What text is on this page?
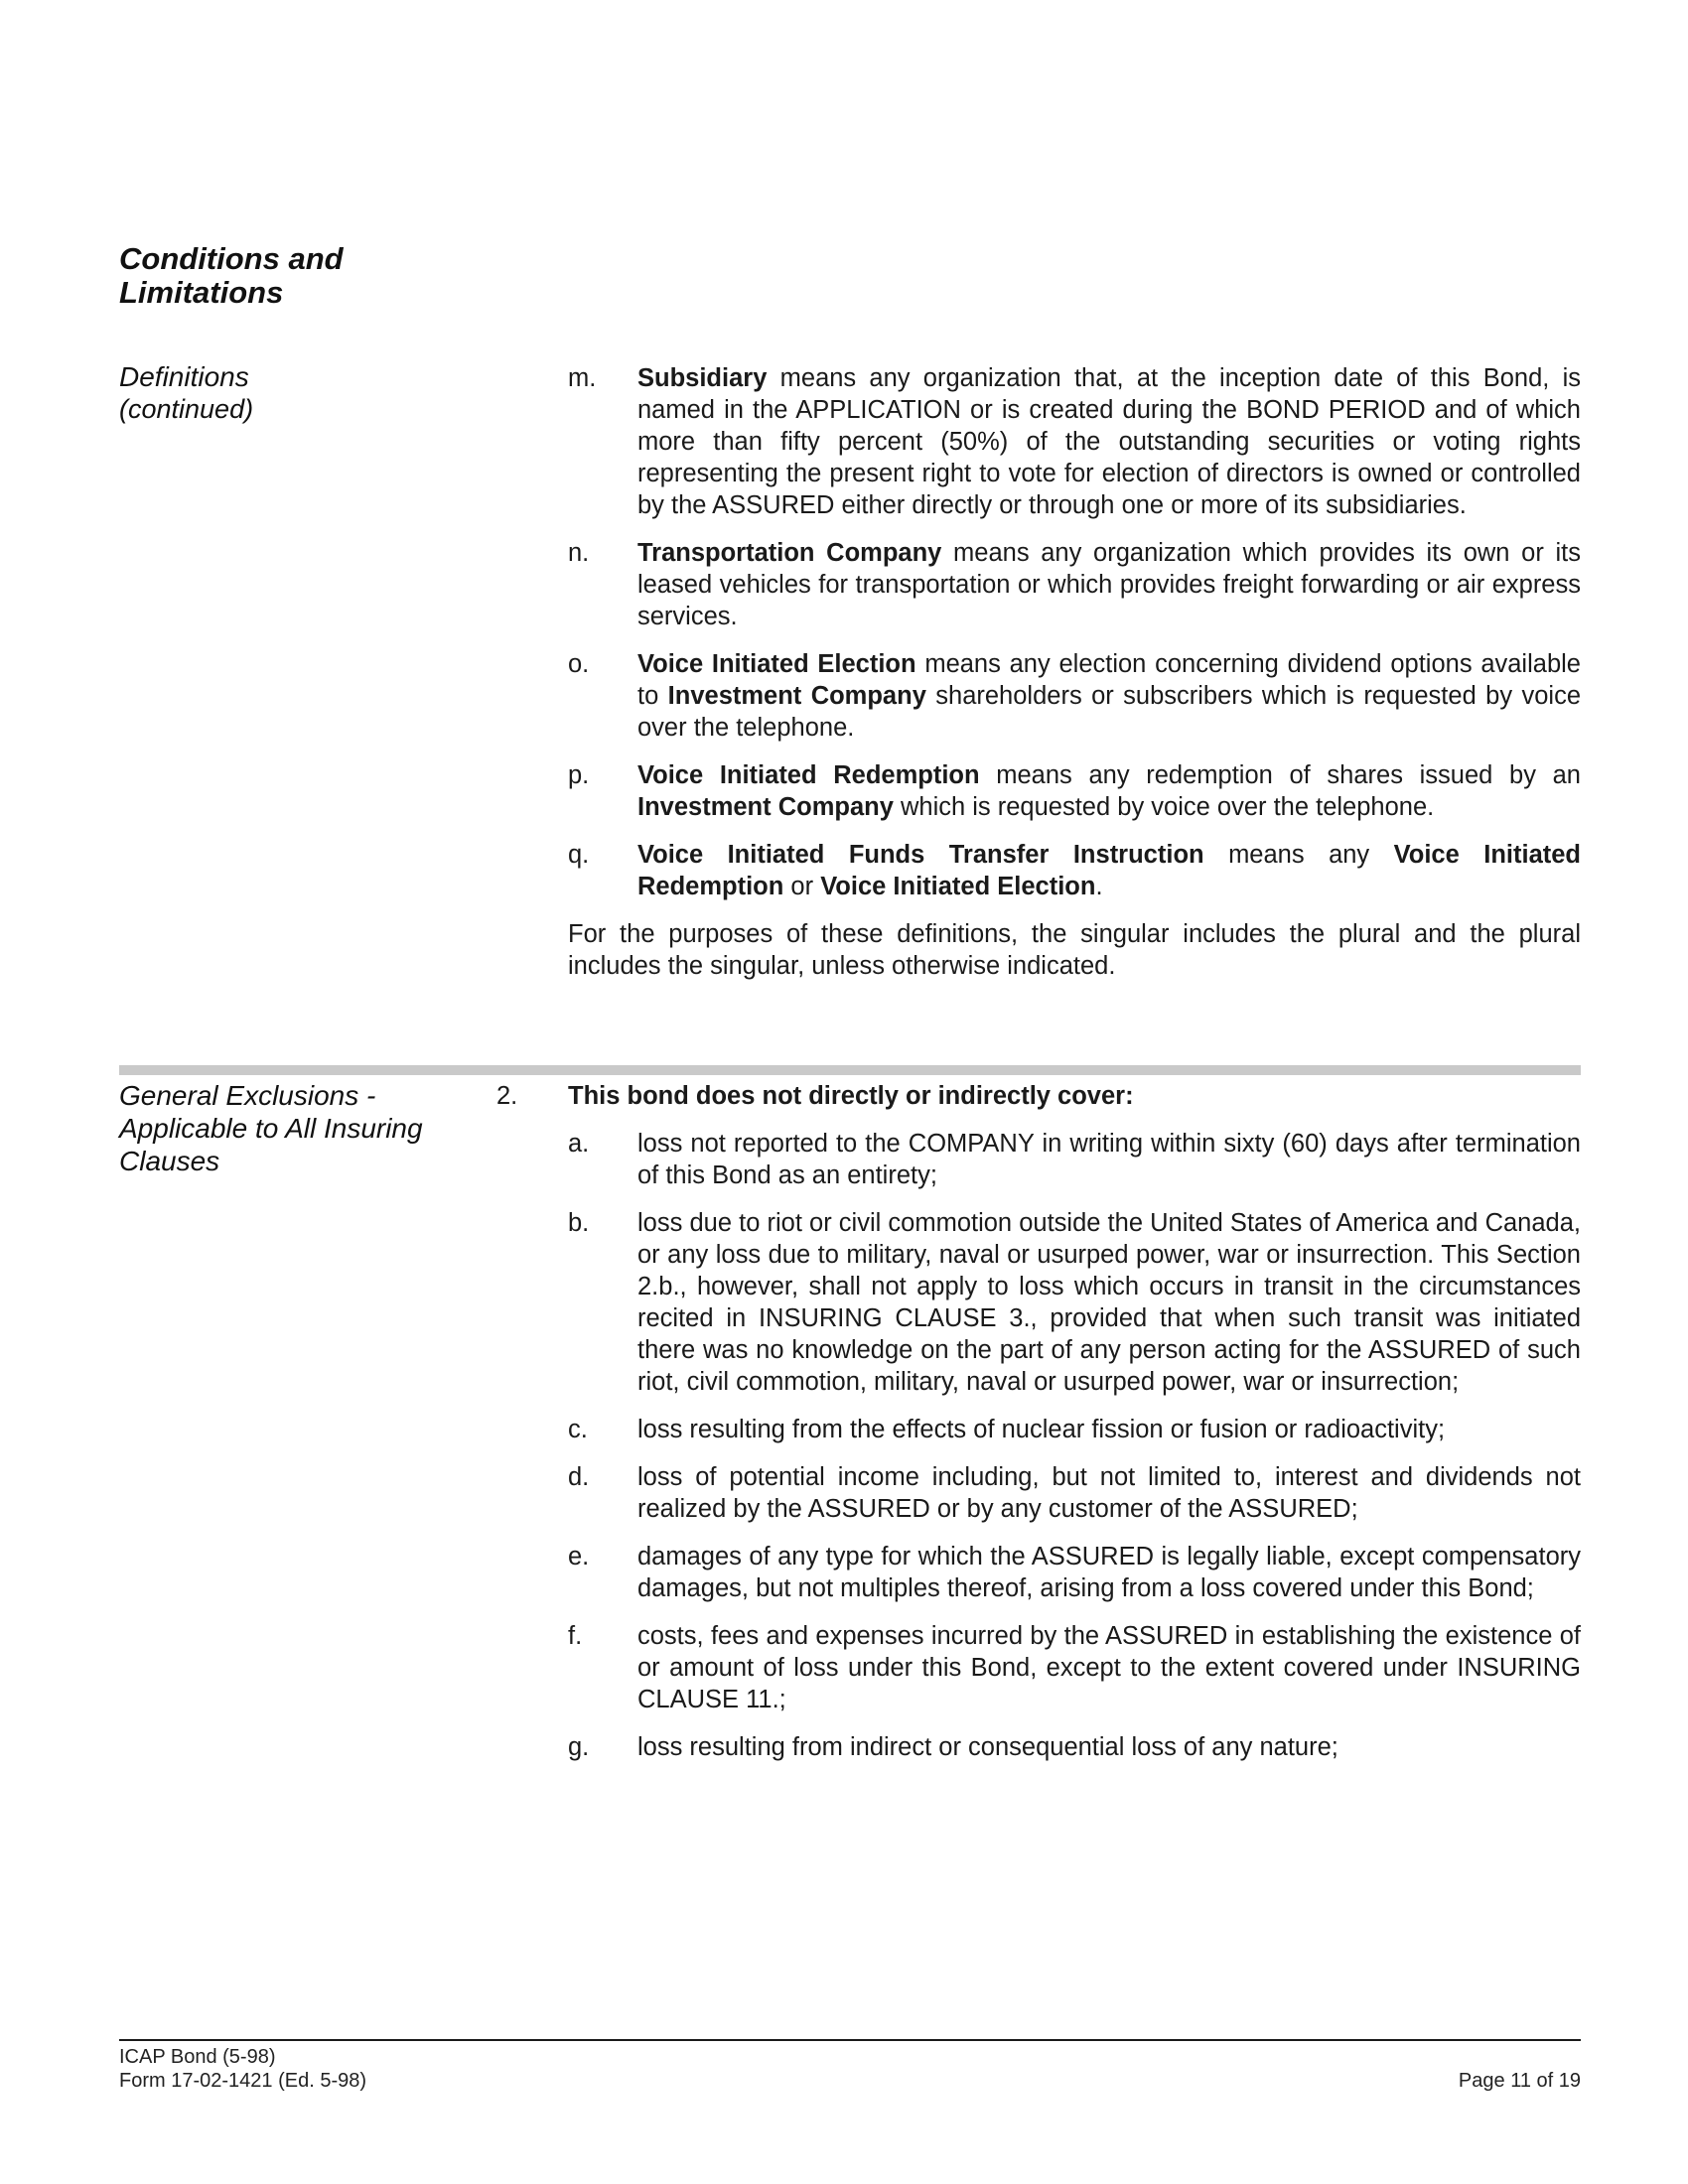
Conditions and Limitations
Definitions
(continued)
m. Subsidiary means any organization that, at the inception date of this Bond, is named in the APPLICATION or is created during the BOND PERIOD and of which more than fifty percent (50%) of the outstanding securities or voting rights representing the present right to vote for election of directors is owned or controlled by the ASSURED either directly or through one or more of its subsidiaries.
n. Transportation Company means any organization which provides its own or its leased vehicles for transportation or which provides freight forwarding or air express services.
o. Voice Initiated Election means any election concerning dividend options available to Investment Company shareholders or subscribers which is requested by voice over the telephone.
p. Voice Initiated Redemption means any redemption of shares issued by an Investment Company which is requested by voice over the telephone.
q. Voice Initiated Funds Transfer Instruction means any Voice Initiated Redemption or Voice Initiated Election.
For the purposes of these definitions, the singular includes the plural and the plural includes the singular, unless otherwise indicated.
General Exclusions - Applicable to All Insuring Clauses
2. This bond does not directly or indirectly cover:
a. loss not reported to the COMPANY in writing within sixty (60) days after termination of this Bond as an entirety;
b. loss due to riot or civil commotion outside the United States of America and Canada, or any loss due to military, naval or usurped power, war or insurrection. This Section 2.b., however, shall not apply to loss which occurs in transit in the circumstances recited in INSURING CLAUSE 3., provided that when such transit was initiated there was no knowledge on the part of any person acting for the ASSURED of such riot, civil commotion, military, naval or usurped power, war or insurrection;
c. loss resulting from the effects of nuclear fission or fusion or radioactivity;
d. loss of potential income including, but not limited to, interest and dividends not realized by the ASSURED or by any customer of the ASSURED;
e. damages of any type for which the ASSURED is legally liable, except compensatory damages, but not multiples thereof, arising from a loss covered under this Bond;
f. costs, fees and expenses incurred by the ASSURED in establishing the existence of or amount of loss under this Bond, except to the extent covered under INSURING CLAUSE 11.;
g. loss resulting from indirect or consequential loss of any nature;
ICAP Bond (5-98)
Form 17-02-1421 (Ed. 5-98)	Page 11 of 19
